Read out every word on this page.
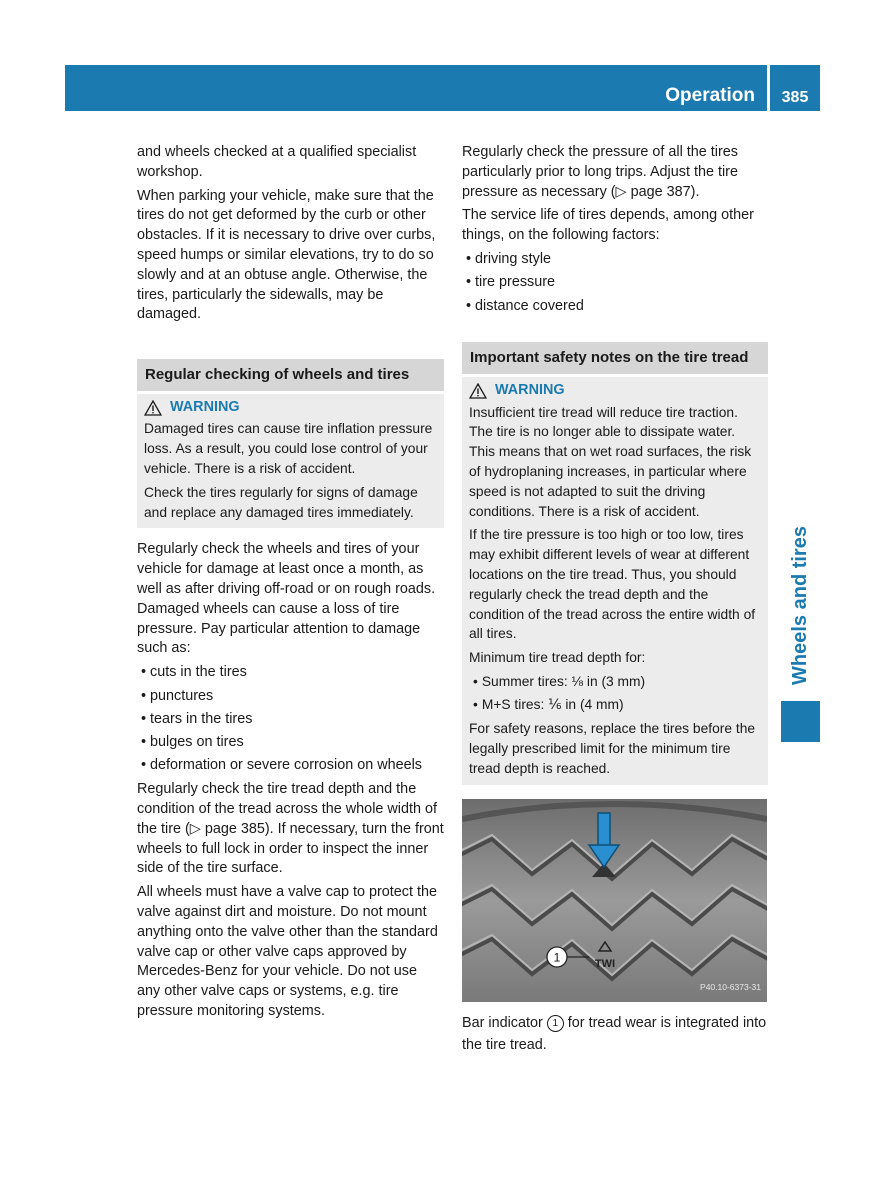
Operation	385
Wheels and tires

and wheels checked at a qualified specialist workshop.

When parking your vehicle, make sure that the tires do not get deformed by the curb or other obstacles. If it is necessary to drive over curbs, speed humps or similar elevations, try to do so slowly and at an obtuse angle. Otherwise, the tires, particularly the sidewalls, may be damaged.

Regular checking of wheels and tires
WARNING

Damaged tires can cause tire inflation pressure loss. As a result, you could lose control of your vehicle. There is a risk of accident.

Check the tires regularly for signs of damage and replace any damaged tires immediately.

Regularly check the wheels and tires of your vehicle for damage at least once a month, as well as after driving off-road or on rough roads. Damaged wheels can cause a loss of tire pressure. Pay particular attention to damage such as:

• cuts in the tires
• punctures
• tears in the tires
• bulges on tires
• deformation or severe corrosion on wheels

Regularly check the tire tread depth and the condition of the tread across the whole width of the tire (▷ page 385). If necessary, turn the front wheels to full lock in order to inspect the inner side of the tire surface.

All wheels must have a valve cap to protect the valve against dirt and moisture. Do not mount anything onto the valve other than the standard valve cap or other valve caps approved by Mercedes-Benz for your vehicle. Do not use any other valve caps or systems, e.g. tire pressure monitoring systems.

Regularly check the pressure of all the tires particularly prior to long trips. Adjust the tire pressure as necessary (▷ page 387).

The service life of tires depends, among other things, on the following factors:

• driving style
• tire pressure
• distance covered
Important safety notes on the tire tread
WARNING

Insufficient tire tread will reduce tire traction. The tire is no longer able to dissipate water. This means that on wet road surfaces, the risk of hydroplaning increases, in particular where speed is not adapted to suit the driving conditions. There is a risk of accident.

If the tire pressure is too high or too low, tires may exhibit different levels of wear at different locations on the tire tread. Thus, you should regularly check the tread depth and the condition of the tread across the entire width of all tires.

Minimum tire tread depth for:

• Summer tires: ⅛ in (3 mm)
• M+S tires: ⅙ in (4 mm)

For safety reasons, replace the tires before the legally prescribed limit for the minimum tire tread depth is reached.

1	TWI
P40.10-6373-31

Bar indicator 1 for tread wear is integrated into the tire tread.
